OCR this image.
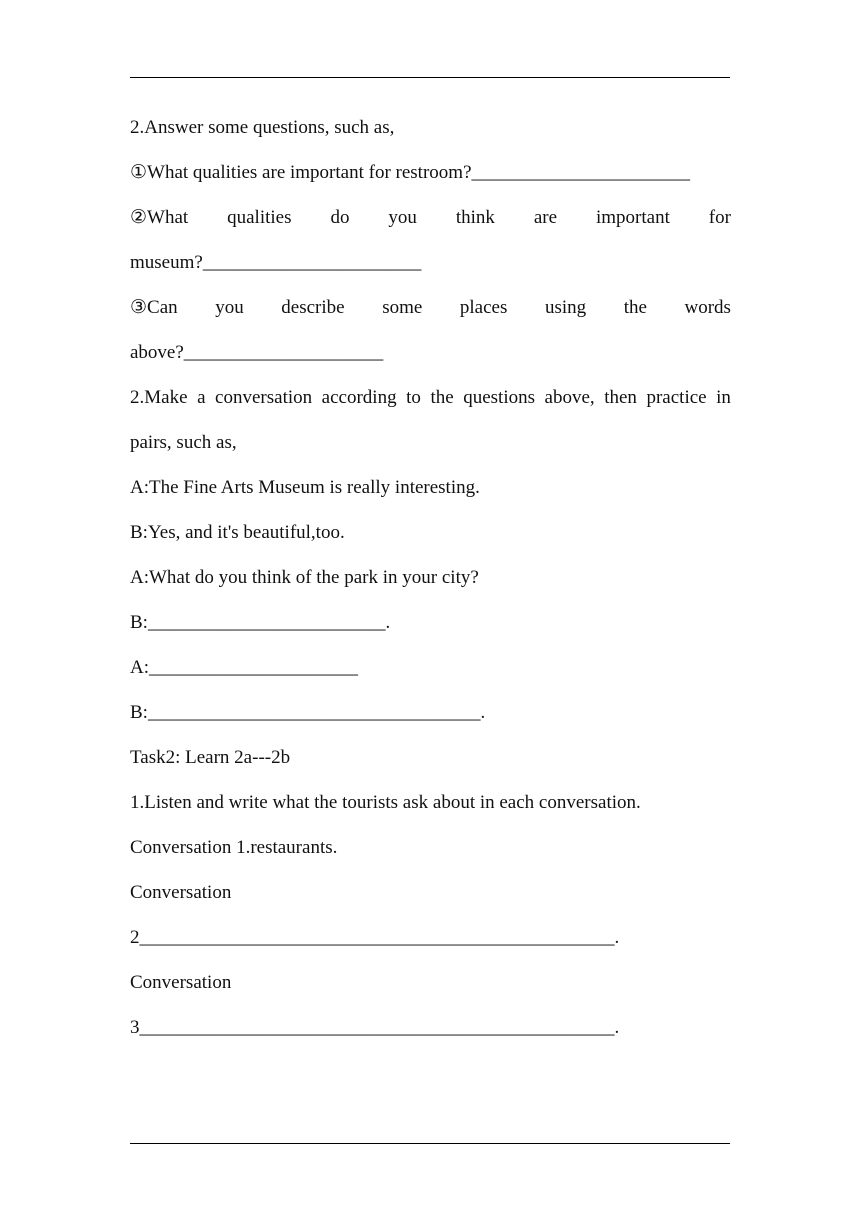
2.Answer some questions, such as,
①What qualities are important for restroom?_______________________
②What qualities do you think are important for
museum?_______________________
③Can you describe some places using the words
above?_____________________
2.Make a conversation according to the questions above, then practice in
pairs, such as,
A:The Fine Arts Museum is really interesting.
B:Yes, and it's beautiful,too.
A:What do you think of the park in your city?
B:_________________________.
A:______________________
B:___________________________________.
Task2: Learn 2a---2b
1.Listen and write what the tourists ask about in each conversation.
Conversation 1.restaurants.
Conversation
2__________________________________________________.
Conversation
3__________________________________________________.
